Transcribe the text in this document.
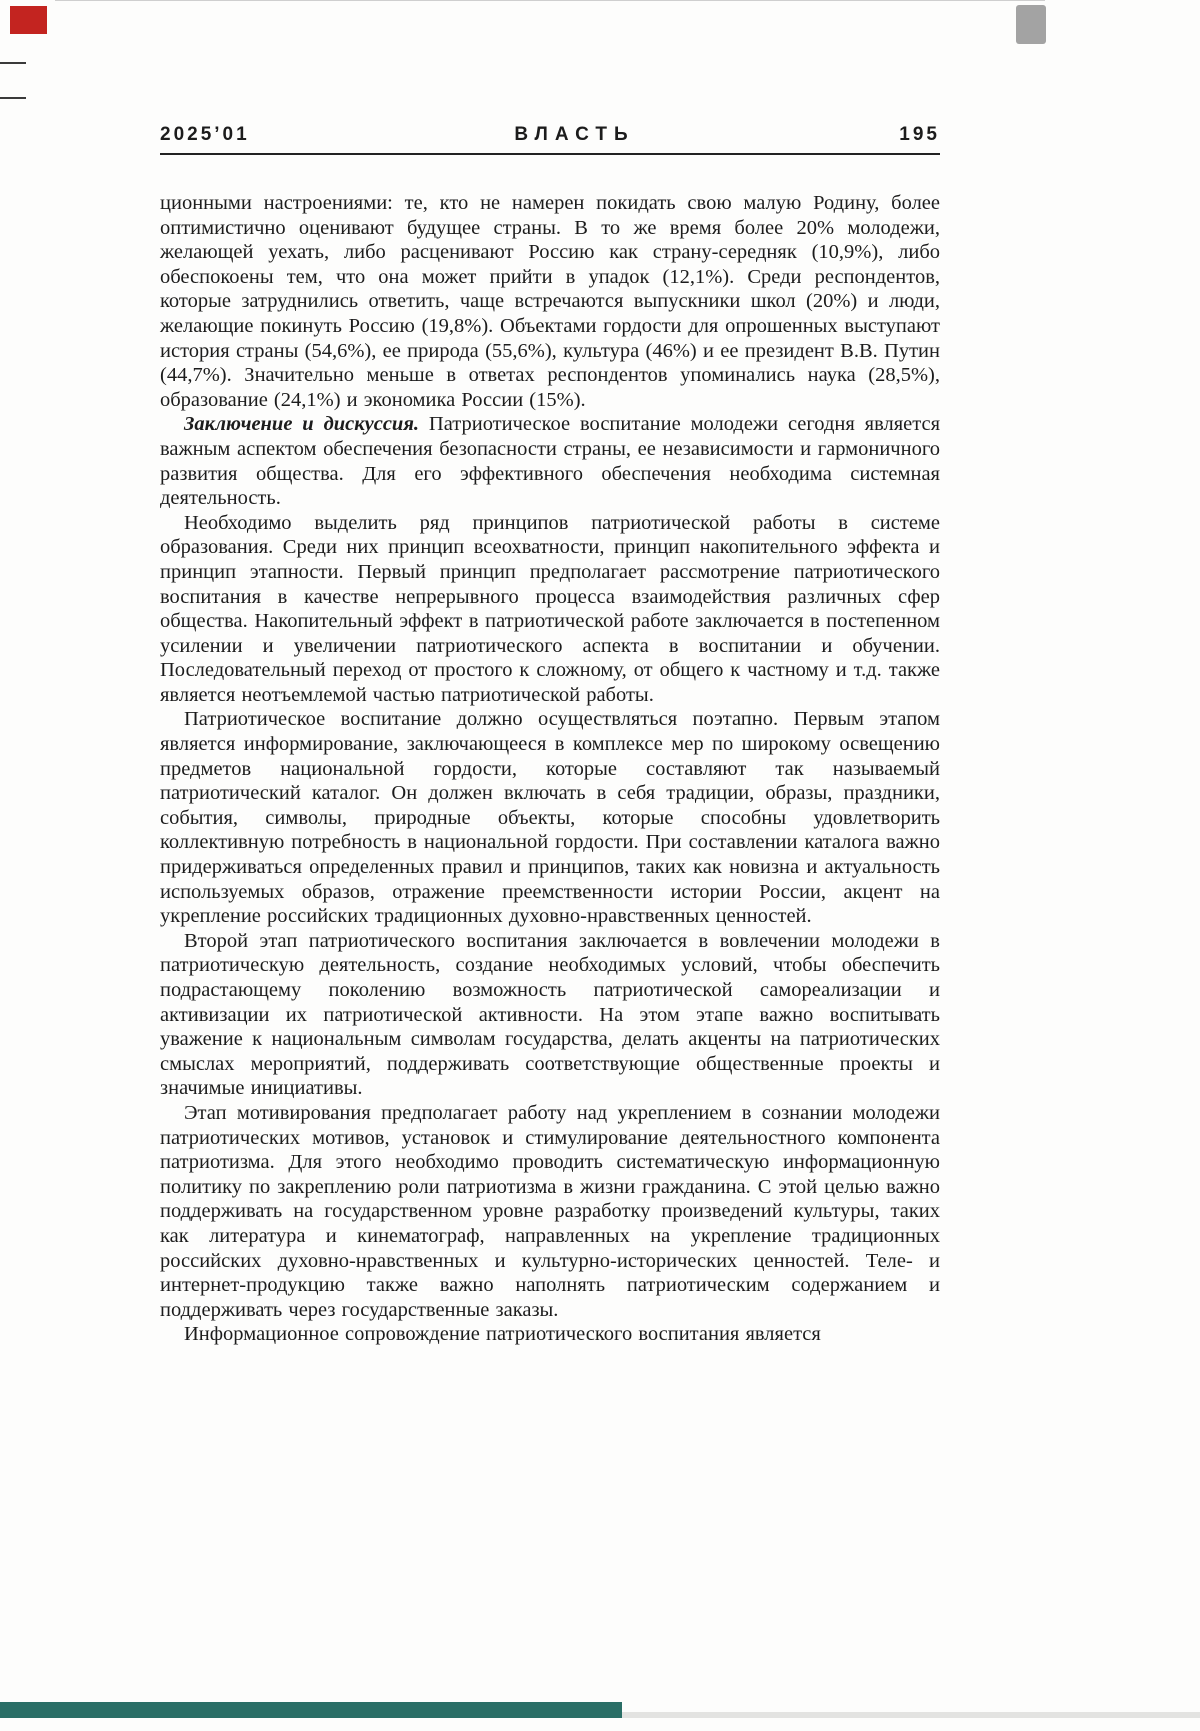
2025’01	ВЛАСТЬ	195

ционными настроениями: те, кто не намерен покидать свою малую Родину, более оптимистично оценивают будущее страны. В то же время более 20% молодежи, желающей уехать, либо расценивают Россию как страну-середняк (10,9%), либо обеспокоены тем, что она может прийти в упадок (12,1%). Среди респондентов, которые затруднились ответить, чаще встречаются выпускники школ (20%) и люди, желающие покинуть Россию (19,8%). Объектами гордости для опрошенных выступают история страны (54,6%), ее природа (55,6%), культура (46%) и ее президент В.В. Путин (44,7%). Значительно меньше в ответах респондентов упоминались наука (28,5%), образование (24,1%) и экономика России (15%).

Заключение и дискуссия. Патриотическое воспитание молодежи сегодня является важным аспектом обеспечения безопасности страны, ее независимости и гармоничного развития общества. Для его эффективного обеспечения необходима системная деятельность.

Необходимо выделить ряд принципов патриотической работы в системе образования. Среди них принцип всеохватности, принцип накопительного эффекта и принцип этапности. Первый принцип предполагает рассмотрение патриотического воспитания в качестве непрерывного процесса взаимодействия различных сфер общества. Накопительный эффект в патриотической работе заключается в постепенном усилении и увеличении патриотического аспекта в воспитании и обучении. Последовательный переход от простого к сложному, от общего к частному и т.д. также является неотъемлемой частью патриотической работы.

Патриотическое воспитание должно осуществляться поэтапно. Первым этапом является информирование, заключающееся в комплексе мер по широкому освещению предметов национальной гордости, которые составляют так называемый патриотический каталог. Он должен включать в себя традиции, образы, праздники, события, символы, природные объекты, которые способны удовлетворить коллективную потребность в национальной гордости. При составлении каталога важно придерживаться определенных правил и принципов, таких как новизна и актуальность используемых образов, отражение преемственности истории России, акцент на укрепление российских традиционных духовно-нравственных ценностей.

Второй этап патриотического воспитания заключается в вовлечении молодежи в патриотическую деятельность, создание необходимых условий, чтобы обеспечить подрастающему поколению возможность патриотической самореализации и активизации их патриотической активности. На этом этапе важно воспитывать уважение к национальным символам государства, делать акценты на патриотических смыслах мероприятий, поддерживать соответствующие общественные проекты и значимые инициативы.

Этап мотивирования предполагает работу над укреплением в сознании молодежи патриотических мотивов, установок и стимулирование деятельностного компонента патриотизма. Для этого необходимо проводить систематическую информационную политику по закреплению роли патриотизма в жизни гражданина. С этой целью важно поддерживать на государственном уровне разработку произведений культуры, таких как литература и кинематограф, направленных на укрепление традиционных российских духовно-нравственных и культурно-исторических ценностей. Теле- и интернет-продукцию также важно наполнять патриотическим содержанием и поддерживать через государственные заказы.

Информационное сопровождение патриотического воспитания является
